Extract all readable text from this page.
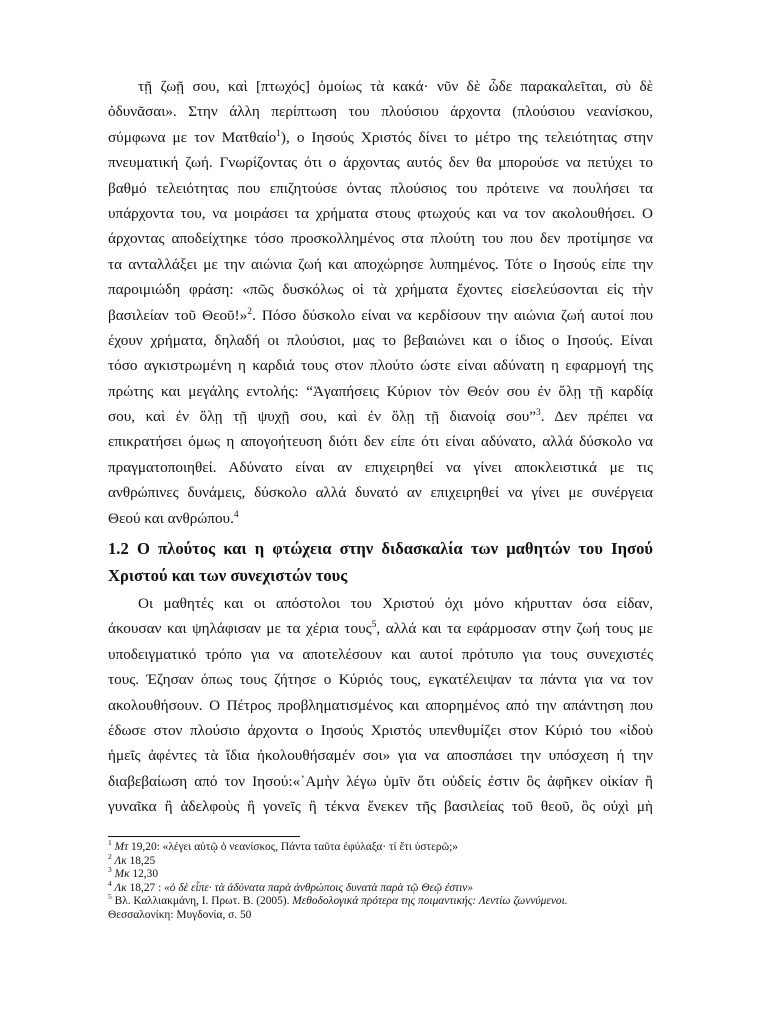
τῇ ζωῇ σου, καὶ [πτωχός] ὁμοίως τὰ κακά· νῦν δὲ ὧδε παρακαλεῖται, σὺ δὲ
ὀδυνᾶσαι». Στην άλλη περίπτωση του πλούσιου άρχοντα (πλούσιου νεανίσκου,
σύμφωνα με τον Ματθαίο$^1$), ο Ιησούς Χριστός δίνει το μέτρο της τελειότητας στην
πνευματική ζωή. Γνωρίζοντας ότι ο άρχοντας αυτός δεν θα μπορούσε να πετύχει το
βαθμό τελειότητας που επιζητούσε όντας πλούσιος του πρότεινε να πουλήσει τα
υπάρχοντα του, να μοιράσει τα χρήματα στους φτωχούς και να τον ακολουθήσει. Ο
άρχοντας αποδείχτηκε τόσο προσκολλημένος στα πλούτη του που δεν προτίμησε να
τα ανταλλάξει με την αιώνια ζωή και αποχώρησε λυπημένος. Τότε ο Ιησούς είπε την
παροιμιώδη φράση: «πῶς δυσκόλως οἱ τὰ χρήματα ἔχοντες εἰσελεύσονται εἰς τὴν
βασιλείαν τοῦ Θεοῦ!»$^2$. Πόσο δύσκολο είναι να κερδίσουν την αιώνια ζωή αυτοί που
έχουν χρήματα, δηλαδή οι πλούσιοι, μας το βεβαιώνει και ο ίδιος ο Ιησούς. Είναι
τόσο αγκιστρωμένη η καρδιά τους στον πλούτο ώστε είναι αδύνατη η εφαρμογή της
πρώτης και μεγάλης εντολής: “Ἀγαπήσεις Κύριον τὸν Θεόν σου ἐν ὅλῃ τῇ καρδίᾳ
σου, καὶ ἐν ὅλῃ τῇ ψυχῇ σου, καὶ ἐν ὅλῃ τῇ διανοίᾳ σου”$^3$. Δεν πρέπει να
επικρατήσει όμως η απογοήτευση διότι δεν είπε ότι είναι αδύνατο, αλλά δύσκολο να
πραγματοποιηθεί. Αδύνατο είναι αν επιχειρηθεί να γίνει αποκλειστικά με τις
ανθρώπινες δυνάμεις, δύσκολο αλλά δυνατό αν επιχειρηθεί να γίνει με συνέργεια
Θεού και ανθρώπου.$^4$
1.2 Ο πλούτος και η φτώχεια στην διδασκαλία των μαθητών του Ιησού
Χριστού και των συνεχιστών τους
Οι μαθητές και οι απόστολοι του Χριστού όχι μόνο κήρυτταν όσα είδαν,
άκουσαν και ψηλάφισαν με τα χέρια τους$^5$, αλλά και τα εφάρμοσαν στην ζωή τους με
υποδειγματικό τρόπο για να αποτελέσουν και αυτοί πρότυπο για τους συνεχιστές
τους. Έζησαν όπως τους ζήτησε ο Κύριός τους, εγκατέλειψαν τα πάντα για να τον
ακολουθήσουν. Ο Πέτρος προβληματισμένος και απορημένος από την απάντηση που
έδωσε στον πλούσιο άρχοντα ο Ιησούς Χριστός υπενθυμίζει στον Κύριό του «ἰδοὺ
ἡμεῖς ἀφέντες τὰ ἴδια ἠκολουθήσαμέν σοι» για να αποσπάσει την υπόσχεση ή την
διαβεβαίωση από τον Ιησού:«᾽Αμὴν λέγω ὑμῖν ὅτι οὐδείς ἐστιν ὃς ἀφῆκεν οἰκίαν ἢ
γυναῖκα ἢ ἀδελφοὺς ἢ γονεῖς ἢ τέκνα ἕνεκεν τῆς βασιλείας τοῦ θεοῦ, ὃς οὐχὶ μὴ
$^1$ Μτ 19,20: «λέγει αὐτῷ ὁ νεανίσκος, Πάντα ταῦτα ἐφύλαξα· τί ἔτι ὑστερῶ;»
$^2$ Λκ 18,25
$^3$ Μκ 12,30
$^4$ Λκ 18,27 : «ὁ δὲ εἶπε· τὰ ἀδύνατα παρὰ ἀνθρώποις δυνατὰ παρὰ τῷ Θεῷ ἐστιν»
$^5$ Βλ. Καλλιακμάνη, Ι. Πρωτ. Β. (2005). Μεθοδολογικά πρότερα της ποιμαντικής: Λεντίω ζωννύμενοι.
Θεσσαλονίκη: Μυγδονία, σ. 50
